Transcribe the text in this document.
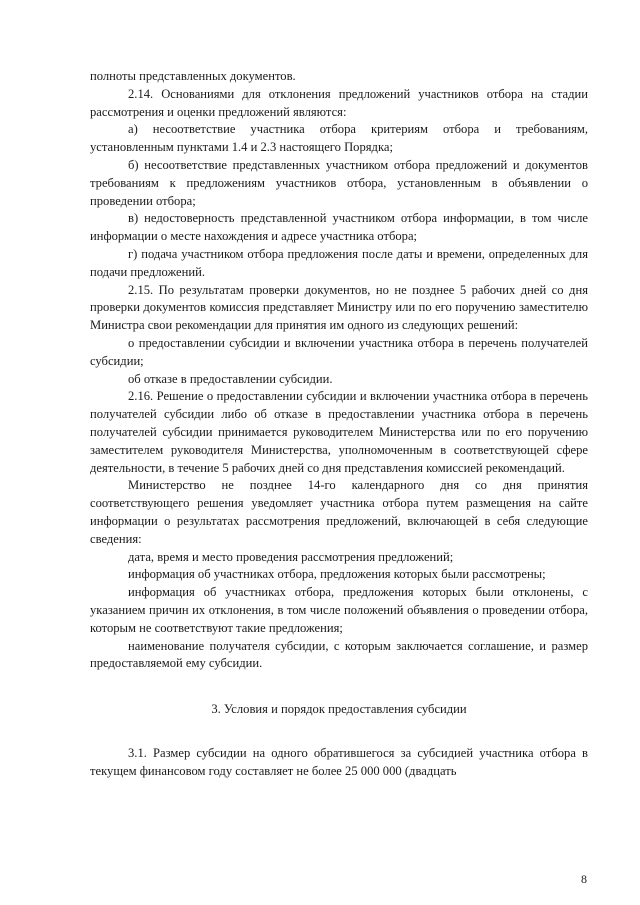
полноты представленных документов.

2.14. Основаниями для отклонения предложений участников отбора на стадии рассмотрения и оценки предложений являются:

а) несоответствие участника отбора критериям отбора и требованиям, установленным пунктами 1.4 и 2.3 настоящего Порядка;

б) несоответствие представленных участником отбора предложений и документов требованиям к предложениям участников отбора, установленным в объявлении о проведении отбора;

в) недостоверность представленной участником отбора информации, в том числе информации о месте нахождения и адресе участника отбора;

г) подача участником отбора предложения после даты и времени, определенных для подачи предложений.

2.15. По результатам проверки документов, но не позднее 5 рабочих дней со дня проверки документов комиссия представляет Министру или по его поручению заместителю Министра свои рекомендации для принятия им одного из следующих решений:

о предоставлении субсидии и включении участника отбора в перечень получателей субсидии;

об отказе в предоставлении субсидии.

2.16. Решение о предоставлении субсидии и включении участника отбора в перечень получателей субсидии либо об отказе в предоставлении участника отбора в перечень получателей субсидии принимается руководителем Министерства или по его поручению заместителем руководителя Министерства, уполномоченным в соответствующей сфере деятельности, в течение 5 рабочих дней со дня представления комиссией рекомендаций.

Министерство не позднее 14-го календарного дня со дня принятия соответствующего решения уведомляет участника отбора путем размещения на сайте информации о результатах рассмотрения предложений, включающей в себя следующие сведения:

дата, время и место проведения рассмотрения предложений;

информация об участниках отбора, предложения которых были рассмотрены;

информация об участниках отбора, предложения которых были отклонены, с указанием причин их отклонения, в том числе положений объявления о проведении отбора, которым не соответствуют такие предложения;

наименование получателя субсидии, с которым заключается соглашение, и размер предоставляемой ему субсидии.

3. Условия и порядок предоставления субсидии

3.1. Размер субсидии на одного обратившегося за субсидией участника отбора в текущем финансовом году составляет не более 25 000 000 (двадцать

8
